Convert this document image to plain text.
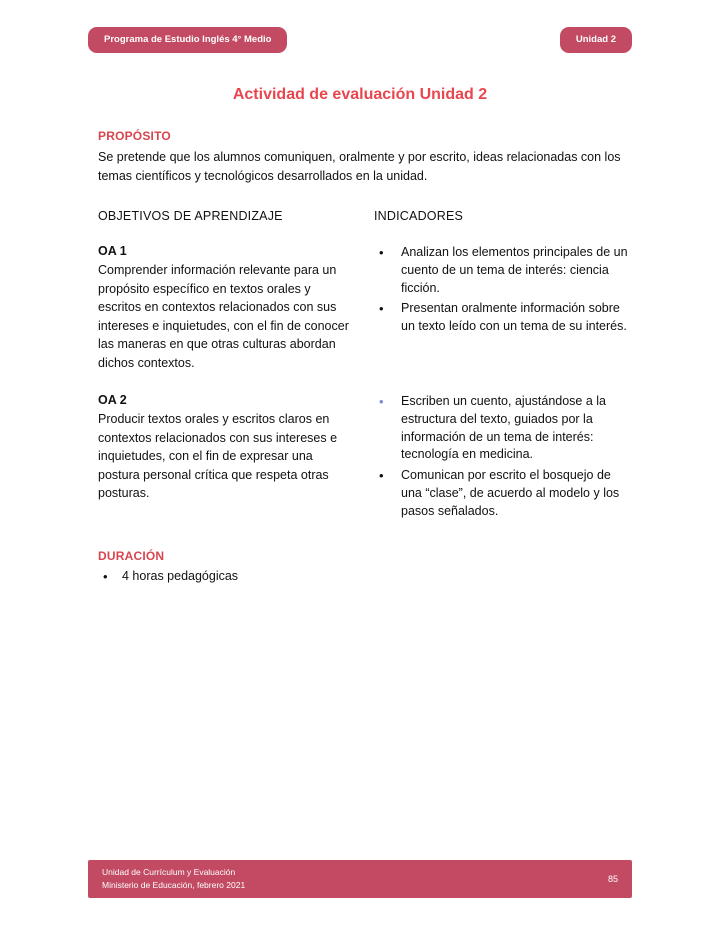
Programa de Estudio Inglés 4° Medio	Unidad 2
Actividad de evaluación Unidad 2
PROPÓSITO

Se pretende que los alumnos comuniquen, oralmente y por escrito, ideas relacionadas con los temas científicos y tecnológicos desarrollados en la unidad.

OBJETIVOS DE APRENDIZAJE	INDICADORES
OA 1

Comprender información relevante para un propósito específico en textos orales y escritos en contextos relacionados con sus intereses e inquietudes, con el fin de conocer las maneras en que otras culturas abordan dichos contextos.

• Analizan los elementos principales de un cuento de un tema de interés: ciencia ficción.
• Presentan oralmente información sobre un texto leído con un tema de su interés.
OA 2

Producir textos orales y escritos claros en contextos relacionados con sus intereses e inquietudes, con el fin de expresar una postura personal crítica que respeta otras posturas.

• Escriben un cuento, ajustándose a la estructura del texto, guiados por la información de un tema de interés: tecnología en medicina.
• Comunican por escrito el bosquejo de una “clase”, de acuerdo al modelo y los pasos señalados.
DURACIÓN
• 4 horas pedagógicas
Unidad de Currículum y Evaluación
Ministerio de Educación, febrero 2021
85
